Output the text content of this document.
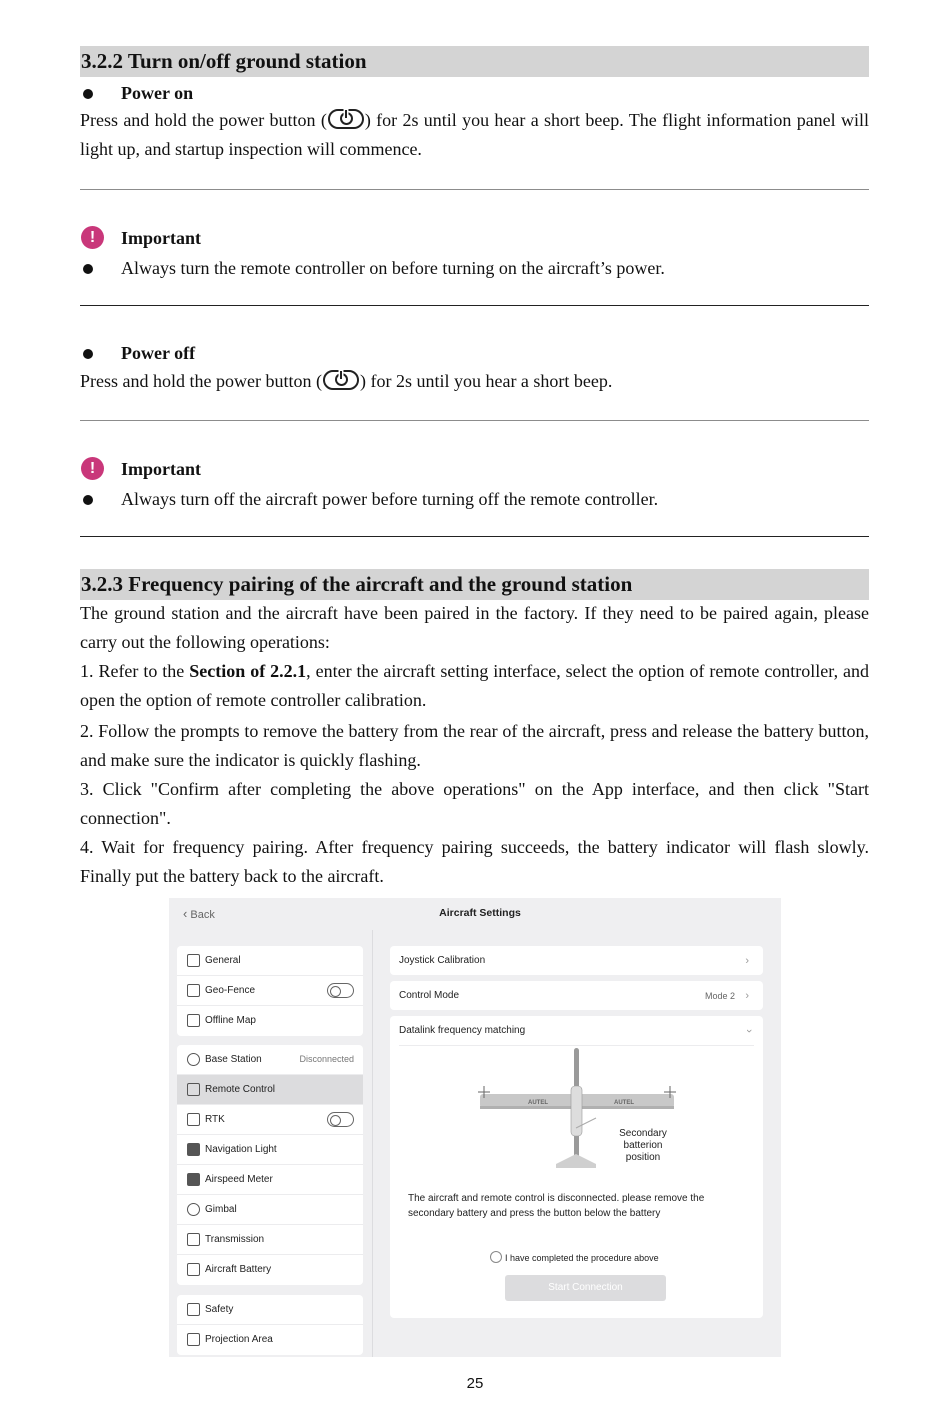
3.2.2 Turn on/off ground station
Power on
Press and hold the power button ( ) for 2s until you hear a short beep. The flight information panel will light up, and startup inspection will commence.
!	Important
Always turn the remote controller on before turning on the aircraft’s power.
Power off
Press and hold the power button ( ) for 2s until you hear a short beep.
!	Important
Always turn off the aircraft power before turning off the remote controller.
3.2.3 Frequency pairing of the aircraft and the ground station

The ground station and the aircraft have been paired in the factory. If they need to be paired again, please carry out the following operations:

1. Refer to the Section of 2.2.1, enter the aircraft setting interface, select the option of remote controller, and open the option of remote controller calibration.

2. Follow the prompts to remove the battery from the rear of the aircraft, press and release the battery button, and make sure the indicator is quickly flashing.

3. Click "Confirm after completing the above operations" on the App interface, and then click "Start connection".

4. Wait for frequency pairing. After frequency pairing succeeds, the battery indicator will flash slowly. Finally put the battery back to the aircraft.

‹ Back	Aircraft Settings
General
Geo-Fence
Offline Map
Base Station	Disconnected
Remote Control
RTK
Navigation Light
Airspeed Meter
Gimbal
Transmission
Aircraft Battery
Safety
Projection Area
Joystick Calibration	›
Control Mode	Mode 2 ›
Datalink frequency matching	›
AUTEL	AUTEL
Secondary batterion position
The aircraft and remote control is disconnected. please remove the secondary battery and press the button below the battery
I have completed the procedure above
Start Connection
25
